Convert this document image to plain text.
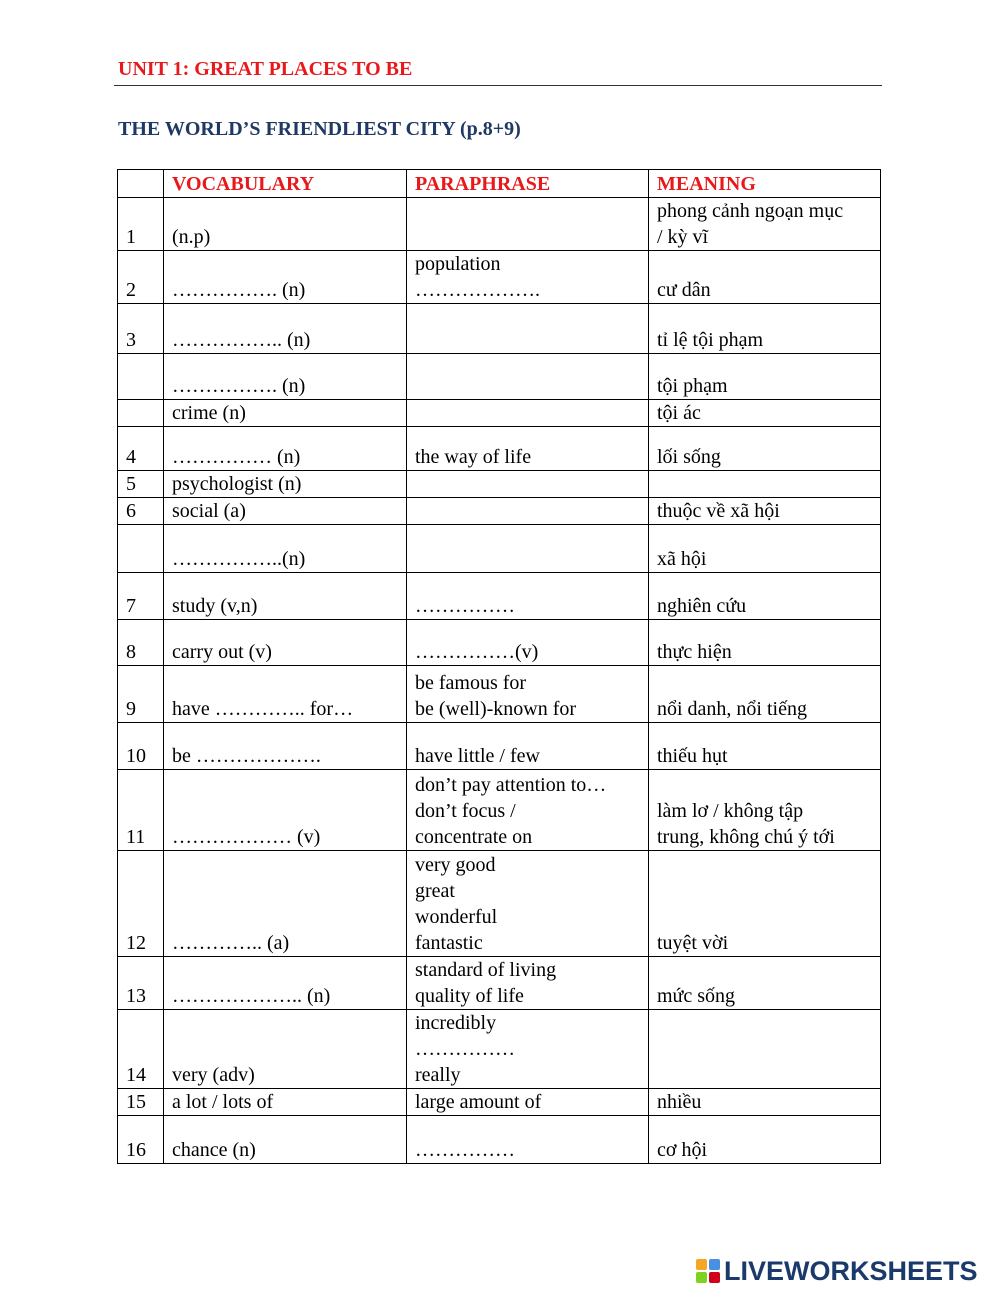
UNIT 1: GREAT PLACES TO BE
THE WORLD’S FRIENDLIEST CITY (p.8+9)
	VOCABULARY	PARAPHRASE	MEANING
1	(n.p)		phong cảnh ngoạn mục
/ kỳ vĩ
2	……………. (n)	population
……………….	cư dân
3	…………….. (n)		tỉ lệ tội phạm
	……………. (n)		tội phạm
	crime (n)		tội ác
4	…………… (n)	the way of life	lối sống
5	psychologist (n)		
6	social (a)		thuộc về xã hội
	……………..(n)		xã hội
7	study (v,n)	……………	nghiên cứu
8	carry out (v)	……………(v)	thực hiện
9	have ………….. for…	be famous for
be (well)-known for	nổi danh, nổi tiếng
10	be ……………….	have little / few	thiếu hụt
11	……………… (v)	don’t pay attention to…
don’t focus /
concentrate on	làm lơ / không tập
trung, không chú ý tới
12	………….. (a)	very good
great
wonderful
fantastic	tuyệt vời
13	……………….. (n)	standard of living
quality of life	mức sống
14	very (adv)	incredibly
……………
really	
15	a lot / lots of	large amount of	nhiều
16	chance (n)	……………	cơ hội
LIVEWORKSHEETS
